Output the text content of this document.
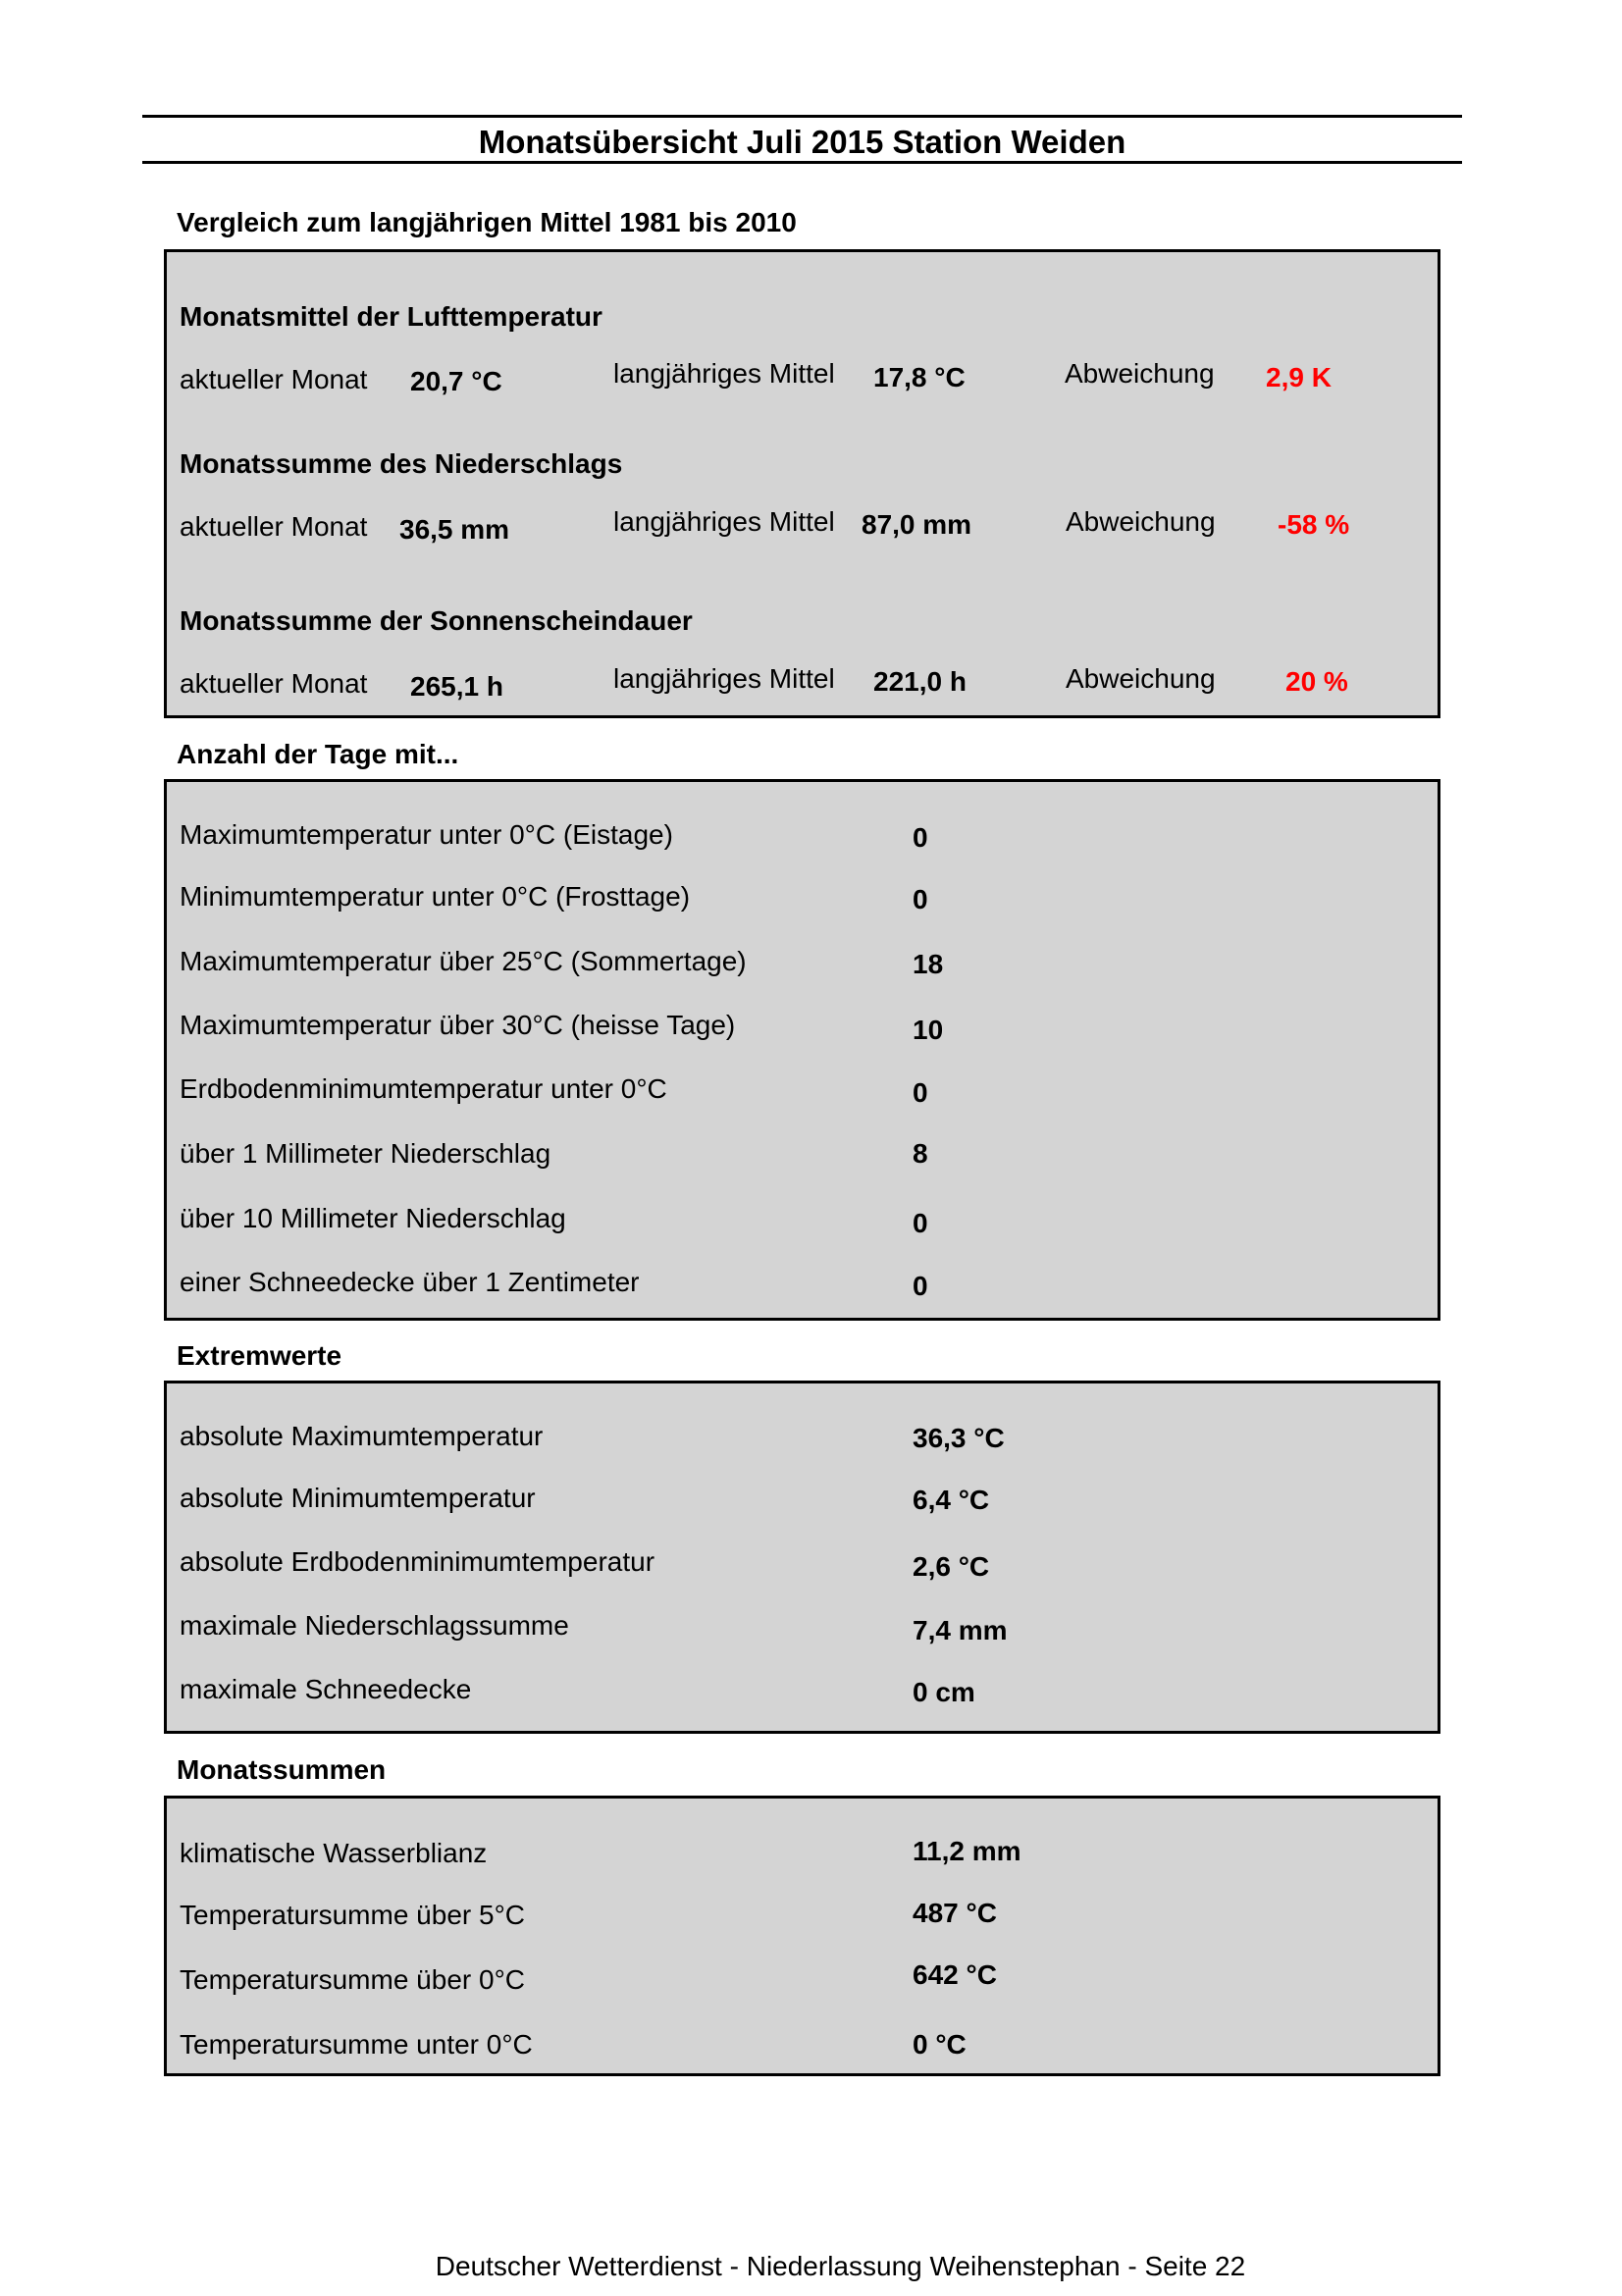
Monatsübersicht Juli 2015 Station Weiden
Vergleich zum langjährigen Mittel 1981 bis 2010
Monatsmittel der Lufttemperatur
aktueller Monat 20,7 °C	langjähriges Mittel 17,8 °C	Abweichung 2,9 K
Monatssumme des Niederschlags
aktueller Monat 36,5 mm	langjähriges Mittel 87,0 mm	Abweichung -58 %
Monatssumme der Sonnenscheindauer
aktueller Monat 265,1 h	langjähriges Mittel 221,0 h	Abweichung	20 %
Anzahl der Tage mit...
Maximumtemperatur unter 0°C (Eistage)	0
Minimumtemperatur unter 0°C (Frosttage)	0
Maximumtemperatur über 25°C (Sommertage)	18
Maximumtemperatur über 30°C (heisse Tage)	10
Erdbodenminimumtemperatur unter 0°C	0
über 1 Millimeter Niederschlag	8
über 10 Millimeter Niederschlag	0
einer Schneedecke über 1 Zentimeter	0
Extremwerte
absolute Maximumtemperatur	36,3 °C
absolute Minimumtemperatur	6,4 °C
absolute Erdbodenminimumtemperatur	2,6 °C
maximale Niederschlagssumme	7,4 mm
maximale Schneedecke	0 cm
Monatssummen
klimatische Wasserblianz	11,2 mm
Temperatursumme über 5°C	487 °C
Temperatursumme über 0°C	642 °C
Temperatursumme unter 0°C	0 °C
Deutscher Wetterdienst - Niederlassung Weihenstephan - Seite 22
